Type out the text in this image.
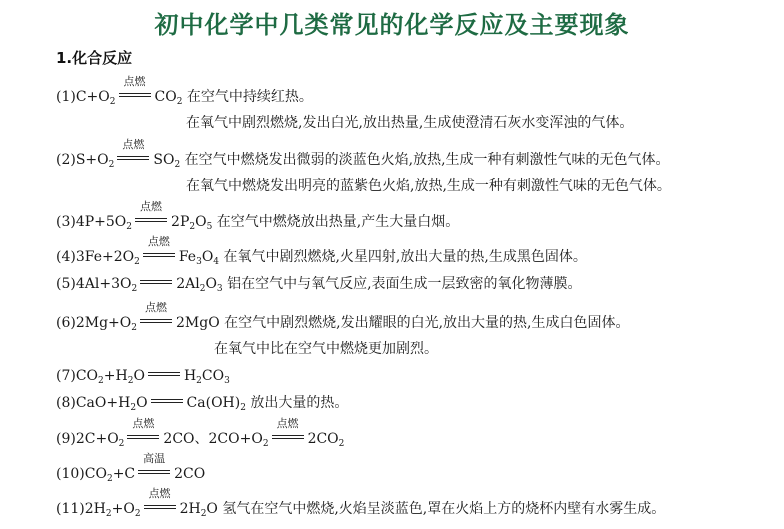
初中化学中几类常见的化学反应及主要现象
1.化合反应
$(1)C+O_2$
点燃
$CO_2$ 在空气中持续红热。
在氧气中剧烈燃烧,发出白光,放出热量,生成使澄清石灰水变浑浊的气体。
$(2)S+O_2$
点燃
$SO_2$ 在空气中燃烧发出微弱的淡蓝色火焰,放热,生成一种有刺激性气味的无色气体。
在氧气中燃烧发出明亮的蓝紫色火焰,放热,生成一种有刺激性气味的无色气体。
$(3)4P+5O_2$
点燃
$2P_2O_5$ 在空气中燃烧放出热量,产生大量白烟。
$(4)3Fe+2O_2$
点燃
$Fe_3O_4$ 在氧气中剧烈燃烧,火星四射,放出大量的热,生成黑色固体。
$(5)4Al+3O_2$	$2Al_2O_3$ 铝在空气中与氧气反应,表面生成一层致密的氧化物薄膜。
$(6)2Mg+O_2$
点燃
2MgO 在空气中剧烈燃烧,发出耀眼的白光,放出大量的热,生成白色固体。
在氧气中比在空气中燃烧更加剧烈。
$(7)CO_2+H_2O$	$H_2CO_3$
$(8)CaO+H_2O$	$Ca(OH)_2$ 放出大量的热。
$(9)2C+O_2$
点燃
2CO、$2CO+O_2$
点燃
$2CO_2$
$(10)CO_2+C$
高温
2CO
$(11)2H_2+O_2$
点燃
$2H_2O$ 氢气在空气中燃烧,火焰呈淡蓝色,罩在火焰上方的烧杯内壁有水雾生成。
